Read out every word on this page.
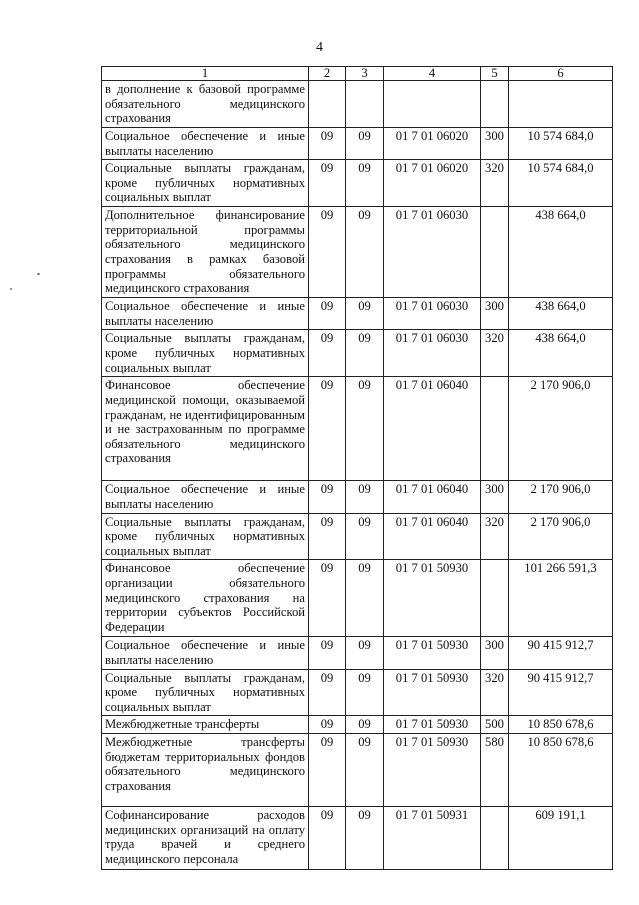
4
1	2	3	4	5	6
в дополнение к базовой программе обязательного медицинского страхования					
Социальное обеспечение и иные выплаты населению	09	09	01 7 01 06020	300	10 574 684,0
Социальные выплаты гражданам, кроме публичных нормативных социальных выплат	09	09	01 7 01 06020	320	10 574 684,0
Дополнительное финансирование территориальной программы обязательного медицинского страхования в рамках базовой программы обязательного медицинского страхования	09	09	01 7 01 06030		438 664,0
Социальное обеспечение и иные выплаты населению	09	09	01 7 01 06030	300	438 664,0
Социальные выплаты гражданам, кроме публичных нормативных социальных выплат	09	09	01 7 01 06030	320	438 664,0
Финансовое обеспечение медицинской помощи, оказываемой гражданам, не идентифицированным и не застрахованным по программе обязательного медицинского страхования	09	09	01 7 01 06040		2 170 906,0
Социальное обеспечение и иные выплаты населению	09	09	01 7 01 06040	300	2 170 906,0
Социальные выплаты гражданам, кроме публичных нормативных социальных выплат	09	09	01 7 01 06040	320	2 170 906,0
Финансовое обеспечение организации обязательного медицинского страхования на территории субъектов Российской Федерации	09	09	01 7 01 50930		101 266 591,3
Социальное обеспечение и иные выплаты населению	09	09	01 7 01 50930	300	90 415 912,7
Социальные выплаты гражданам, кроме публичных нормативных социальных выплат	09	09	01 7 01 50930	320	90 415 912,7
Межбюджетные трансферты	09	09	01 7 01 50930	500	10 850 678,6
Межбюджетные трансферты бюджетам территориальных фондов обязательного медицинского страхования	09	09	01 7 01 50930	580	10 850 678,6
Софинансирование расходов медицинских организаций на оплату труда врачей и среднего медицинского персонала	09	09	01 7 01 50931		609 191,1
